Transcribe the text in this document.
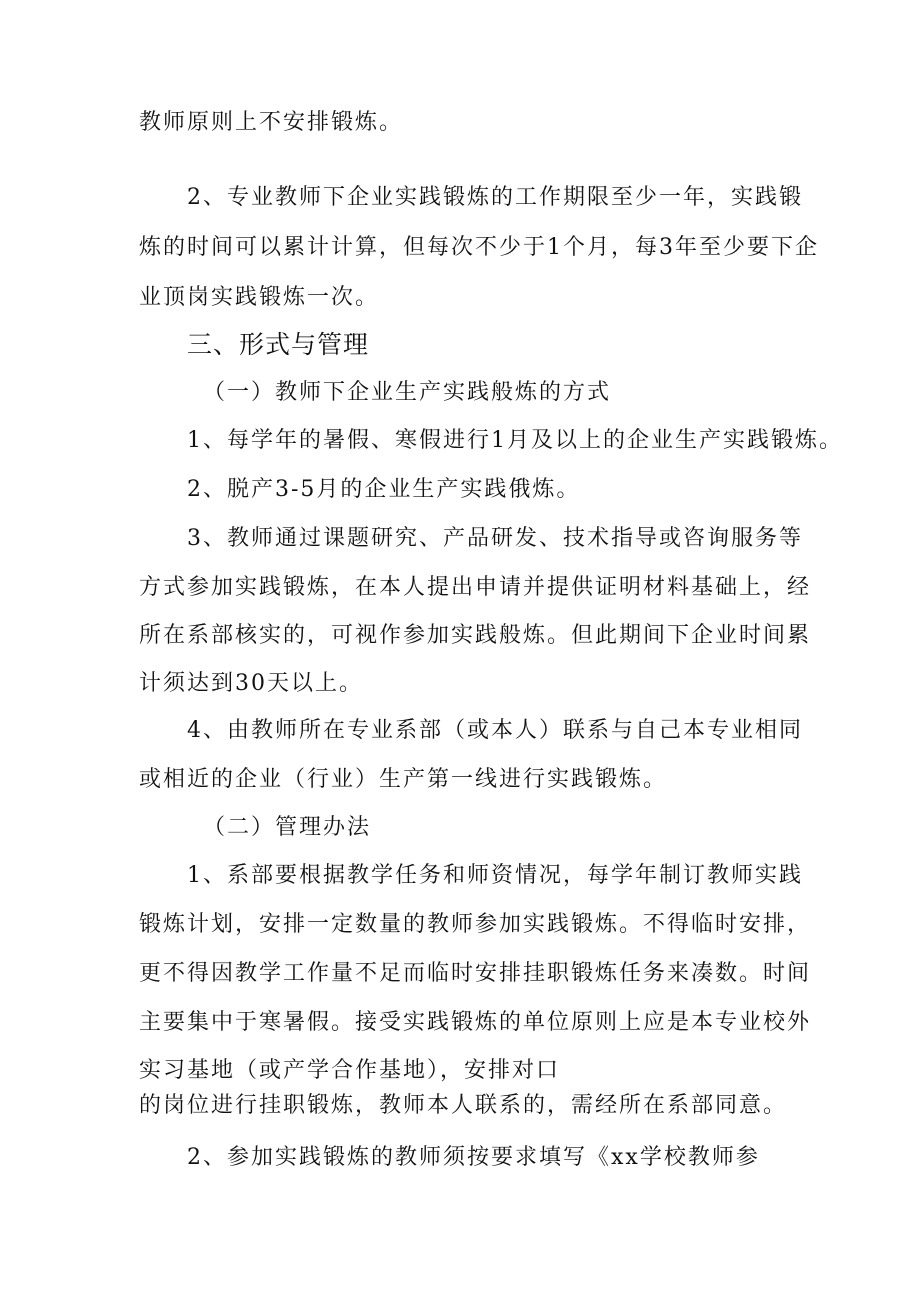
教师原则上不安排锻炼。
2、专业教师下企业实践锻炼的工作期限至少一年，实践锻
炼的时间可以累计计算，但每次不少于1个月，每3年至少要下企
业顶岗实践锻炼一次。
三、形式与管理
（一）教师下企业生产实践般炼的方式
1、每学年的暑假、寒假进行1月及以上的企业生产实践锻炼。
2、脱产3-5月的企业生产实践俄炼。
3、教师通过课题研究、产品研发、技术指导或咨询服务等
方式参加实践锻炼，在本人提出申请并提供证明材料基础上，经
所在系部核实的，可视作参加实践般炼。但此期间下企业时间累
计须达到30天以上。
4、由教师所在专业系部（或本人）联系与自己本专业相同
或相近的企业（行业）生产第一线进行实践锻炼。
（二）管理办法
1、系部要根据教学任务和师资情况，每学年制订教师实践
锻炼计划，安排一定数量的教师参加实践锻炼。不得临时安排，
更不得因教学工作量不足而临时安排挂职锻炼任务来凑数。时间
主要集中于寒暑假。接受实践锻炼的单位原则上应是本专业校外
实习基地（或产学合作基地），安排对口
的岗位进行挂职锻炼，教师本人联系的，需经所在系部同意。
2、参加实践锻炼的教师须按要求填写《xx学校教师参
